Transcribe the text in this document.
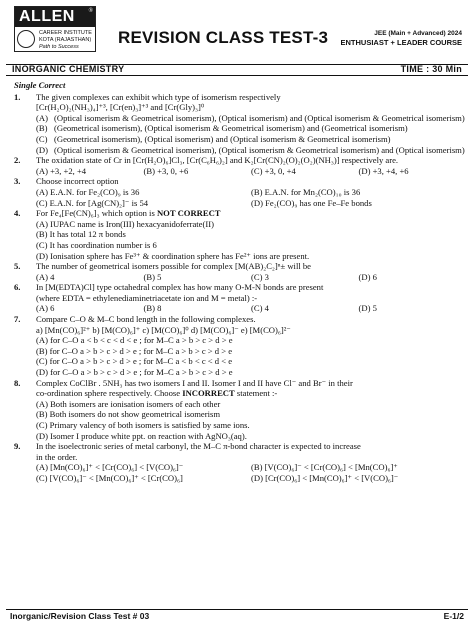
ALLEN	®
CAREER INSTITUTE
KOTA (RAJASTHAN)
Path to Success REVISION CLASS TEST-3	JEE (Main + Advanced) 2024
ENTHUSIAST + LEADER COURSE
INORGANIC CHEMISTRY	TIME : 30 Min
Single Correct
1.	The given complexes can exhibit which type of isomerism respectively
[Cr(H₂O)₂(NH₃)₄]⁺³, [Cr(en)₃]⁺³ and [Cr(Gly)₃]⁰
(A) (Optical isomerism & Geometrical isomerism), (Optical isomerism) and (Optical isomerism & Geometrical isomerism)
(B) (Geometrical isomerism), (Optical isomerism & Geometrical isomerism) and (Geometrical isomerism)
(C) (Geometrical isomerism), (Optical isomerism) and (Optical isomerism & Geometrical isomerism)
(D) (Optical isomerism & Geometrical isomerism), (Optical isomerism & Geometrical isomerism) and (Optical isomerism)
2.	The oxidation state of Cr in [Cr(H₂O)₆]Cl₃, [Cr(C₆H₆)₂] and K₂[Cr(CN)₂(O)₂(O₂)(NH₃)] respectively are.
(A) +3, +2, +4	(B) +3, 0, +6	(C) +3, 0, +4	(D) +3, +4, +6
3.	Choose incorrect option
(A) E.A.N. for Fe₂(CO)₉ is 36	(B) E.A.N. for Mn₂(CO)₁₀ is 36
(C) E.A.N. for [Ag(CN)₂]⁻ is 54	(D) Fe₂(CO)₉ has one Fe–Fe bonds
4.	For Fe₄[Fe(CN)₆]₃ which option is NOT CORRECT
(A) IUPAC name is Iron(III) hexacyanidoferrate(II)
(B) It has total 12 π bonds
(C) It has coordination number is 6
(D) Ionisation sphere has Fe³⁺ & coordination sphere has Fe²⁺ ions are present.
5.	The number of geometrical isomers possible for complex [M(AB)₂C₂]ⁿ± will be
(A) 4	(B) 5	(C) 3	(D) 6
6.	In [M(EDTA)Cl] type octahedral complex has how many O-M-N bonds are present
(where EDTA = ethylenediaminetriacetate ion and M = metal) :-
(A) 6	(B) 8	(C) 4	(D) 5
7.	Compare C–O & M–C bond length in the following complexes.
a) [Mn(CO)₆]²⁺ b) [M(CO)₆]⁺ c) [M(CO)₆]⁰ d) [M(CO)₆]⁻ e) [M(CO)₆]²⁻
(A) for C–O a < b < c < d < e ; for M–C a > b > c > d > e
(B) for C–O a > b > c > d > e ; for M–C a > b > c > d > e
(C) for C–O a > b > c > d > e ; for M–C a < b < c < d < e
(D) for C–O a > b > c > d > e ; for M–C a > b > c > d > e
8.	Complex CoClBr . 5NH₃ has two isomers I and II. Isomer I and II have Cl⁻ and Br⁻ in their
co-ordination sphere respectively. Choose INCORRECT statement :-
(A) Both isomers are ionisation isomers of each other
(B) Both isomers do not show geometrical isomerism
(C) Primary valency of both isomers is satisfied by same ions.
(D) Isomer I produce white ppt. on reaction with AgNO₃(aq).
9.	In the isoelectronic series of metal carbonyl, the M–C π-bond character is expected to increase
in the order.
(A) [Mn(CO)₆]⁺ < [Cr(CO)₆] < [V(CO)₆]⁻	(B) [V(CO)₆]⁻ < [Cr(CO)₆] < [Mn(CO)₆]⁺
(C) [V(CO)₆]⁻ < [Mn(CO)₆]⁺ < [Cr(CO)₆]	(D) [Cr(CO)₆] < [Mn(CO)₆]⁺ < [V(CO)₆]⁻
Inorganic/Revision Class Test # 03	E-1/2
